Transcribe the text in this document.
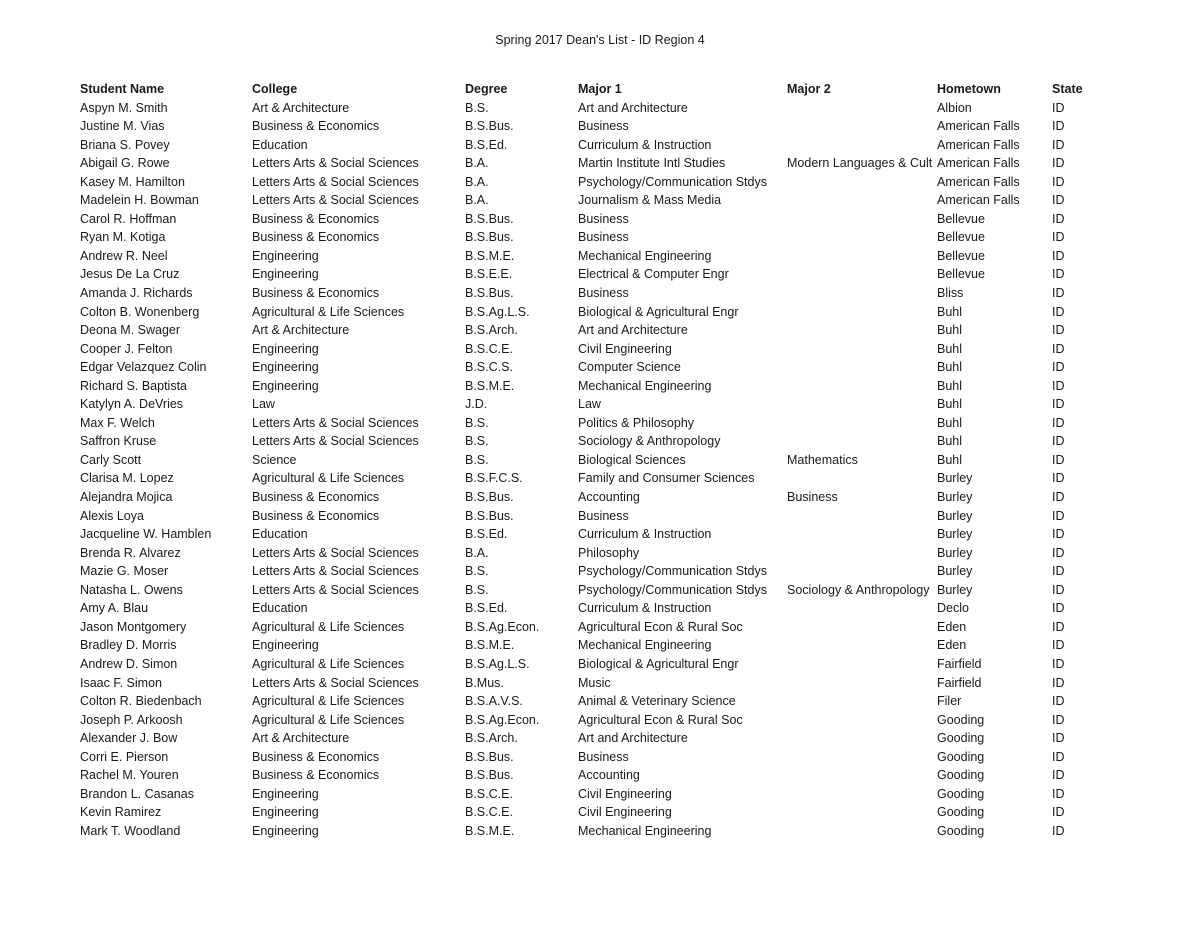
Spring 2017 Dean's List - ID Region 4
Student Name	College	Degree	Major 1	Major 2	Hometown	State
Aspyn M. Smith	Art & Architecture	B.S.	Art and Architecture		Albion	ID
Justine M. Vias	Business & Economics	B.S.Bus.	Business		American Falls	ID
Briana S. Povey	Education	B.S.Ed.	Curriculum & Instruction		American Falls	ID
Abigail G. Rowe	Letters Arts & Social Sciences	B.A.	Martin Institute Intl Studies	Modern Languages & Cult	American Falls	ID
Kasey M. Hamilton	Letters Arts & Social Sciences	B.A.	Psychology/Communication Stdys		American Falls	ID
Madelein H. Bowman	Letters Arts & Social Sciences	B.A.	Journalism & Mass Media		American Falls	ID
Carol R. Hoffman	Business & Economics	B.S.Bus.	Business		Bellevue	ID
Ryan M. Kotiga	Business & Economics	B.S.Bus.	Business		Bellevue	ID
Andrew R. Neel	Engineering	B.S.M.E.	Mechanical Engineering		Bellevue	ID
Jesus De La Cruz	Engineering	B.S.E.E.	Electrical & Computer Engr		Bellevue	ID
Amanda J. Richards	Business & Economics	B.S.Bus.	Business		Bliss	ID
Colton B. Wonenberg	Agricultural & Life Sciences	B.S.Ag.L.S.	Biological & Agricultural Engr		Buhl	ID
Deona M. Swager	Art & Architecture	B.S.Arch.	Art and Architecture		Buhl	ID
Cooper J. Felton	Engineering	B.S.C.E.	Civil Engineering		Buhl	ID
Edgar Velazquez Colin	Engineering	B.S.C.S.	Computer Science		Buhl	ID
Richard S. Baptista	Engineering	B.S.M.E.	Mechanical Engineering		Buhl	ID
Katylyn A. DeVries	Law	J.D.	Law		Buhl	ID
Max F. Welch	Letters Arts & Social Sciences	B.S.	Politics & Philosophy		Buhl	ID
Saffron Kruse	Letters Arts & Social Sciences	B.S.	Sociology & Anthropology		Buhl	ID
Carly Scott	Science	B.S.	Biological Sciences	Mathematics	Buhl	ID
Clarisa M. Lopez	Agricultural & Life Sciences	B.S.F.C.S.	Family and Consumer Sciences		Burley	ID
Alejandra Mojica	Business & Economics	B.S.Bus.	Accounting	Business	Burley	ID
Alexis Loya	Business & Economics	B.S.Bus.	Business		Burley	ID
Jacqueline W. Hamblen	Education	B.S.Ed.	Curriculum & Instruction		Burley	ID
Brenda R. Alvarez	Letters Arts & Social Sciences	B.A.	Philosophy		Burley	ID
Mazie G. Moser	Letters Arts & Social Sciences	B.S.	Psychology/Communication Stdys		Burley	ID
Natasha L. Owens	Letters Arts & Social Sciences	B.S.	Psychology/Communication Stdys	Sociology & Anthropology	Burley	ID
Amy A. Blau	Education	B.S.Ed.	Curriculum & Instruction		Declo	ID
Jason Montgomery	Agricultural & Life Sciences	B.S.Ag.Econ.	Agricultural Econ & Rural Soc		Eden	ID
Bradley D. Morris	Engineering	B.S.M.E.	Mechanical Engineering		Eden	ID
Andrew D. Simon	Agricultural & Life Sciences	B.S.Ag.L.S.	Biological & Agricultural Engr		Fairfield	ID
Isaac F. Simon	Letters Arts & Social Sciences	B.Mus.	Music		Fairfield	ID
Colton R. Biedenbach	Agricultural & Life Sciences	B.S.A.V.S.	Animal & Veterinary Science		Filer	ID
Joseph P. Arkoosh	Agricultural & Life Sciences	B.S.Ag.Econ.	Agricultural Econ & Rural Soc		Gooding	ID
Alexander J. Bow	Art & Architecture	B.S.Arch.	Art and Architecture		Gooding	ID
Corri E. Pierson	Business & Economics	B.S.Bus.	Business		Gooding	ID
Rachel M. Youren	Business & Economics	B.S.Bus.	Accounting		Gooding	ID
Brandon L. Casanas	Engineering	B.S.C.E.	Civil Engineering		Gooding	ID
Kevin Ramirez	Engineering	B.S.C.E.	Civil Engineering		Gooding	ID
Mark T. Woodland	Engineering	B.S.M.E.	Mechanical Engineering		Gooding	ID
